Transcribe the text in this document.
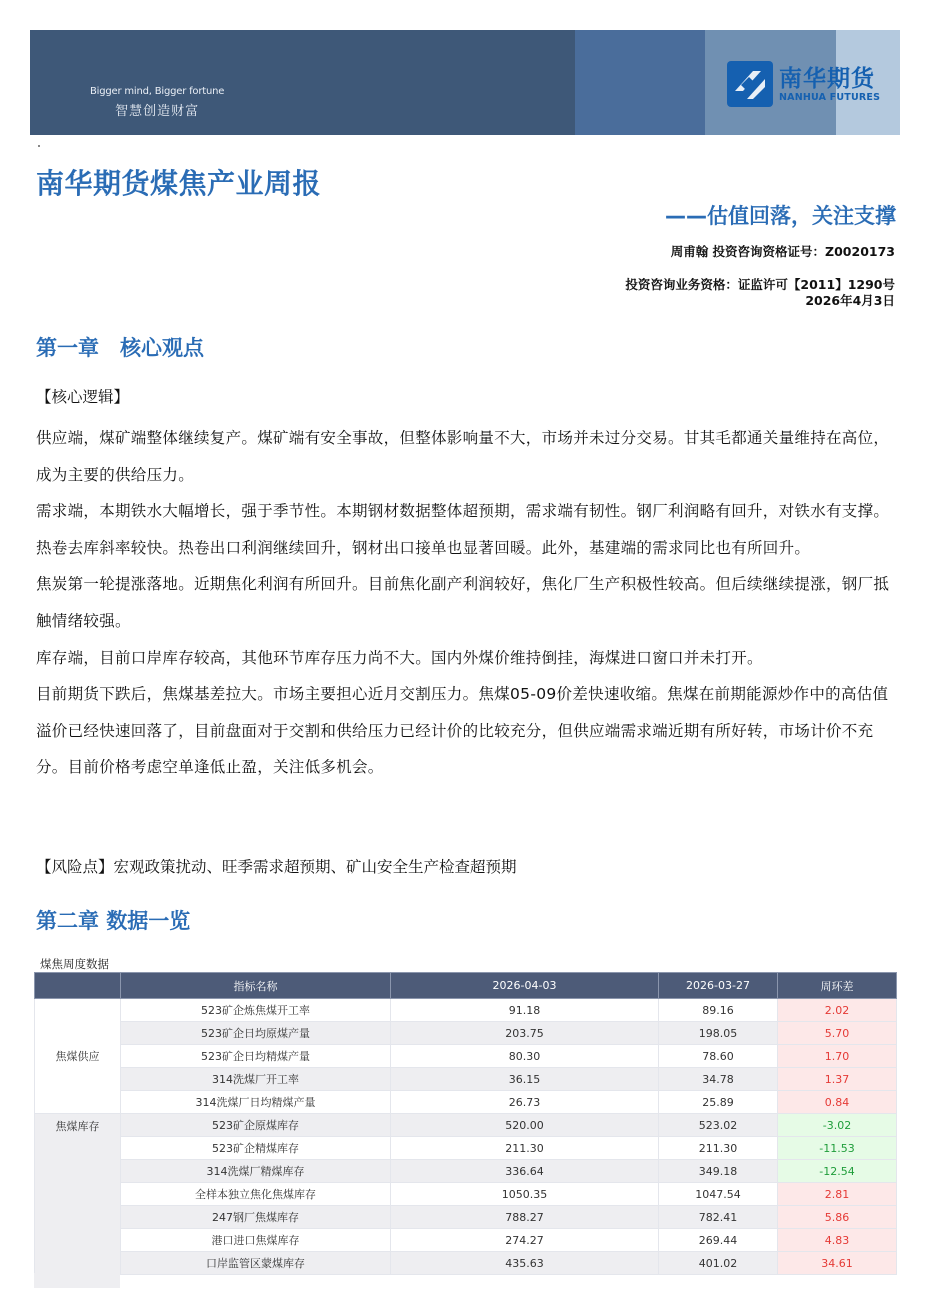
Bigger mind, Bigger fortune
智慧创造财富
南华期货
NANHUA FUTURES
南华期货煤焦产业周报
——估值回落，关注支撑
周甫翰 投资咨询资格证号：Z0020173
投资咨询业务资格：证监许可【2011】1290号
2026年4月3日
第一章　核心观点
【核心逻辑】

供应端，煤矿端整体继续复产。煤矿端有安全事故，但整体影响量不大，市场并未过分交易。甘其毛都通关量维持在高位，成为主要的供给压力。

需求端，本期铁水大幅增长，强于季节性。本期钢材数据整体超预期，需求端有韧性。钢厂利润略有回升，对铁水有支撑。热卷去库斜率较快。热卷出口利润继续回升，钢材出口接单也显著回暖。此外，基建端的需求同比也有所回升。

焦炭第一轮提涨落地。近期焦化利润有所回升。目前焦化副产利润较好，焦化厂生产积极性较高。但后续继续提涨，钢厂抵触情绪较强。

库存端，目前口岸库存较高，其他环节库存压力尚不大。国内外煤价维持倒挂，海煤进口窗口并未打开。

目前期货下跌后，焦煤基差拉大。市场主要担心近月交割压力。焦煤05-09价差快速收缩。焦煤在前期能源炒作中的高估值溢价已经快速回落了，目前盘面对于交割和供给压力已经计价的比较充分，但供应端需求端近期有所好转，市场计价不充分。目前价格考虑空单逢低止盈，关注低多机会。

【风险点】宏观政策扰动、旺季需求超预期、矿山安全生产检查超预期
第二章 数据一览
煤焦周度数据
	指标名称	2026-04-03	2026-03-27	周环差
焦煤供应	523矿企炼焦煤开工率	91.18	89.16	2.02
	523矿企日均原煤产量	203.75	198.05	5.70
	523矿企日均精煤产量	80.30	78.60	1.70
	314洗煤厂开工率	36.15	34.78	1.37
	314洗煤厂日均精煤产量	26.73	25.89	0.84
焦煤库存	523矿企原煤库存	520.00	523.02	-3.02
	523矿企精煤库存	211.30	211.30	-11.53
	314洗煤厂精煤库存	336.64	349.18	-12.54
	全样本独立焦化焦煤库存	1050.35	1047.54	2.81
	247钢厂焦煤库存	788.27	782.41	5.86
	港口进口焦煤库存	274.27	269.44	4.83
	口岸监管区蒙煤库存	435.63	401.02	34.61
